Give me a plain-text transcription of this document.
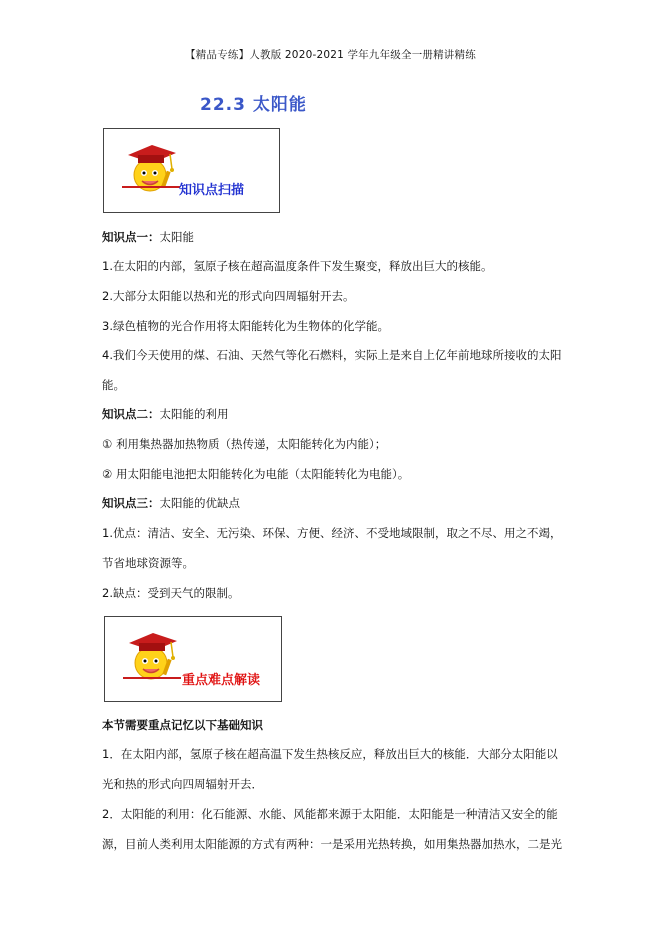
【精品专练】人教版 2020-2021 学年九年级全一册精讲精练
22.3 太阳能
知识点扫描
知识点一：太阳能
1.在太阳的内部，氢原子核在超高温度条件下发生聚变，释放出巨大的核能。
2.大部分太阳能以热和光的形式向四周辐射开去。
3.绿色植物的光合作用将太阳能转化为生物体的化学能。
4.我们今天使用的煤、石油、天然气等化石燃料，实际上是来自上亿年前地球所接收的太阳
能。
知识点二：太阳能的利用
① 利用集热器加热物质（热传递，太阳能转化为内能）；
② 用太阳能电池把太阳能转化为电能（太阳能转化为电能）。
知识点三：太阳能的优缺点
1.优点：清洁、安全、无污染、环保、方便、经济、不受地域限制，取之不尽、用之不竭，
节省地球资源等。
2.缺点：受到天气的限制。
重点难点解读
本节需要重点记忆以下基础知识
1．在太阳内部，氢原子核在超高温下发生热核反应，释放出巨大的核能．大部分太阳能以
光和热的形式向四周辐射开去．
2．太阳能的利用：化石能源、水能、风能都来源于太阳能．太阳能是一种清洁又安全的能
源，目前人类利用太阳能源的方式有两种：一是采用光热转换，如用集热器加热水，二是光
